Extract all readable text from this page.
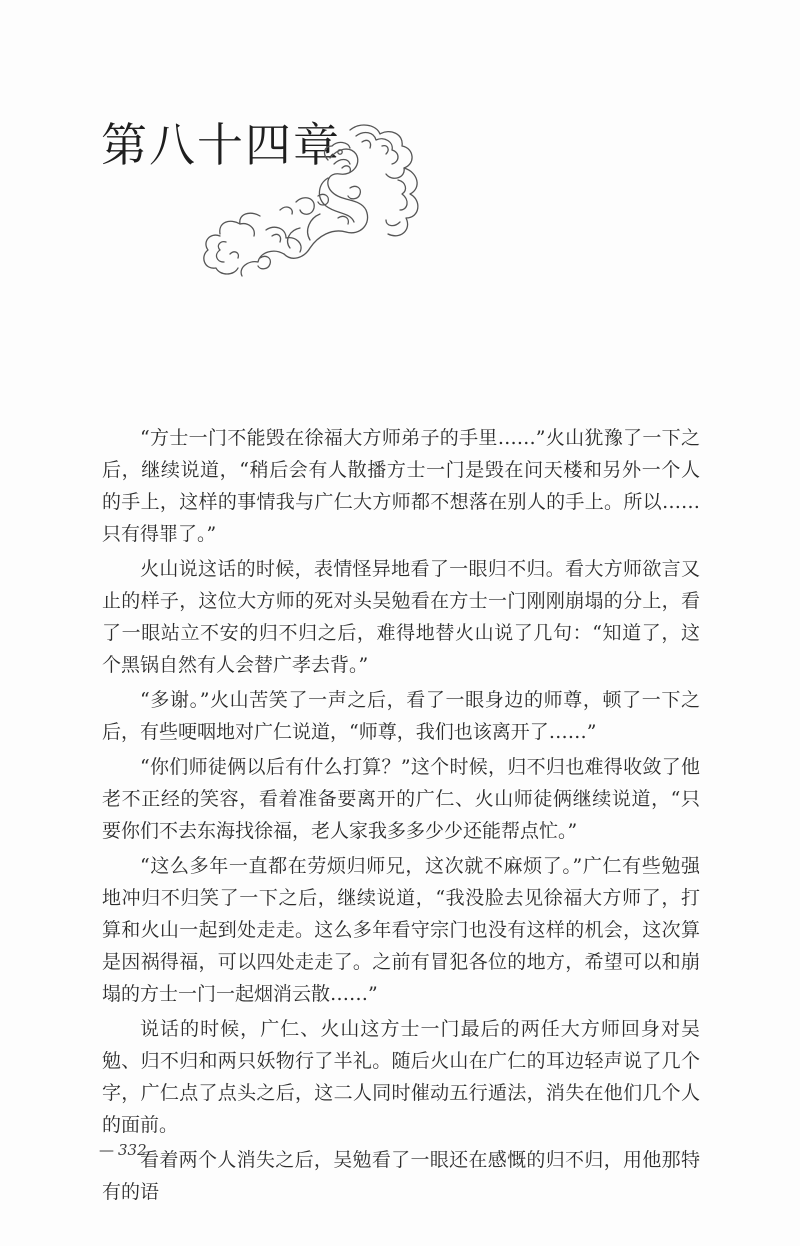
第八十四章

“方士一门不能毁在徐福大方师弟子的手里……”火山犹豫了一下之后，继续说道，“稍后会有人散播方士一门是毁在问天楼和另外一个人的手上，这样的事情我与广仁大方师都不想落在别人的手上。所以……只有得罪了。”

火山说这话的时候，表情怪异地看了一眼归不归。看大方师欲言又止的样子，这位大方师的死对头吴勉看在方士一门刚刚崩塌的分上，看了一眼站立不安的归不归之后，难得地替火山说了几句：“知道了，这个黑锅自然有人会替广孝去背。”

“多谢。”火山苦笑了一声之后，看了一眼身边的师尊，顿了一下之后，有些哽咽地对广仁说道，“师尊，我们也该离开了……”

“你们师徒俩以后有什么打算？”这个时候，归不归也难得收敛了他老不正经的笑容，看着准备要离开的广仁、火山师徒俩继续说道，“只要你们不去东海找徐福，老人家我多多少少还能帮点忙。”

“这么多年一直都在劳烦归师兄，这次就不麻烦了。”广仁有些勉强地冲归不归笑了一下之后，继续说道，“我没脸去见徐福大方师了，打算和火山一起到处走走。这么多年看守宗门也没有这样的机会，这次算是因祸得福，可以四处走走了。之前有冒犯各位的地方，希望可以和崩塌的方士一门一起烟消云散……”

说话的时候，广仁、火山这方士一门最后的两任大方师回身对吴勉、归不归和两只妖物行了半礼。随后火山在广仁的耳边轻声说了几个字，广仁点了点头之后，这二人同时催动五行遁法，消失在他们几个人的面前。

看着两个人消失之后，吴勉看了一眼还在感慨的归不归，用他那特有的语

— 332
